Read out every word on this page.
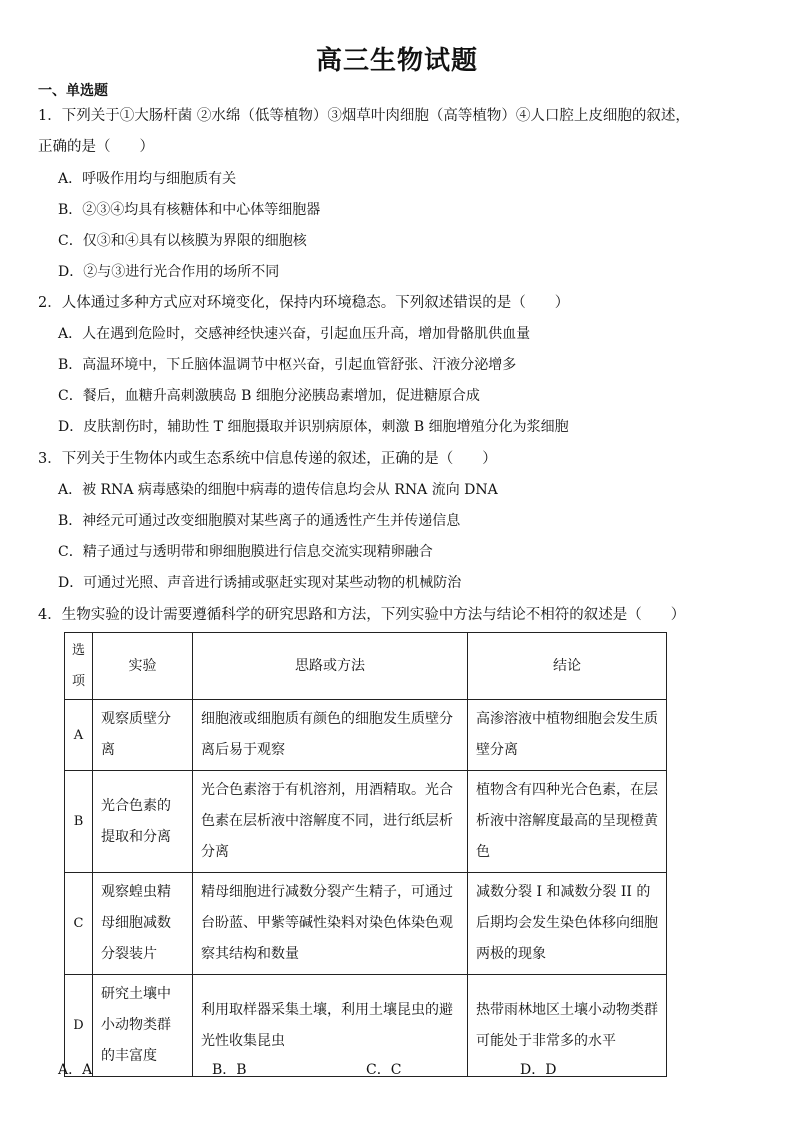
高三生物试题
一、单选题
1．下列关于①大肠杆菌 ②水绵（低等植物）③烟草叶肉细胞（高等植物）④人口腔上皮细胞的叙述，
正确的是（　　）
A．呼吸作用均与细胞质有关
B．②③④均具有核糖体和中心体等细胞器
C．仅③和④具有以核膜为界限的细胞核
D．②与③进行光合作用的场所不同
2．人体通过多种方式应对环境变化，保持内环境稳态。下列叙述错误的是（　　）
A．人在遇到危险时，交感神经快速兴奋，引起血压升高，增加骨骼肌供血量
B．高温环境中，下丘脑体温调节中枢兴奋，引起血管舒张、汗液分泌增多
C．餐后，血糖升高刺激胰岛 B 细胞分泌胰岛素增加，促进糖原合成
D．皮肤割伤时，辅助性 T 细胞摄取并识别病原体，刺激 B 细胞增殖分化为浆细胞
3．下列关于生物体内或生态系统中信息传递的叙述，正确的是（　　）
A．被 RNA 病毒感染的细胞中病毒的遗传信息均会从 RNA 流向 DNA
B．神经元可通过改变细胞膜对某些离子的通透性产生并传递信息
C．精子通过与透明带和卵细胞膜进行信息交流实现精卵融合
D．可通过光照、声音进行诱捕或驱赶实现对某些动物的机械防治
4．生物实验的设计需要遵循科学的研究思路和方法，下列实验中方法与结论不相符的叙述是（　　）
选项	实验	思路或方法	结论
A	观察质壁分离	细胞液或细胞质有颜色的细胞发生质壁分离后易于观察	高渗溶液中植物细胞会发生质壁分离
B	光合色素的提取和分离	光合色素溶于有机溶剂，用酒精取。光合色素在层析液中溶解度不同，进行纸层析分离	植物含有四种光合色素，在层析液中溶解度最高的呈现橙黄色
C	观察蝗虫精母细胞减数分裂装片	精母细胞进行减数分裂产生精子，可通过台盼蓝、甲紫等碱性染料对染色体染色观察其结构和数量	减数分裂 I 和减数分裂 II 的后期均会发生染色体移向细胞两极的现象
D	研究土壤中小动物类群的丰富度	利用取样器采集土壤，利用土壤昆虫的避光性收集昆虫	热带雨林地区土壤小动物类群可能处于非常多的水平
A．A	B．B	C．C	D．D
